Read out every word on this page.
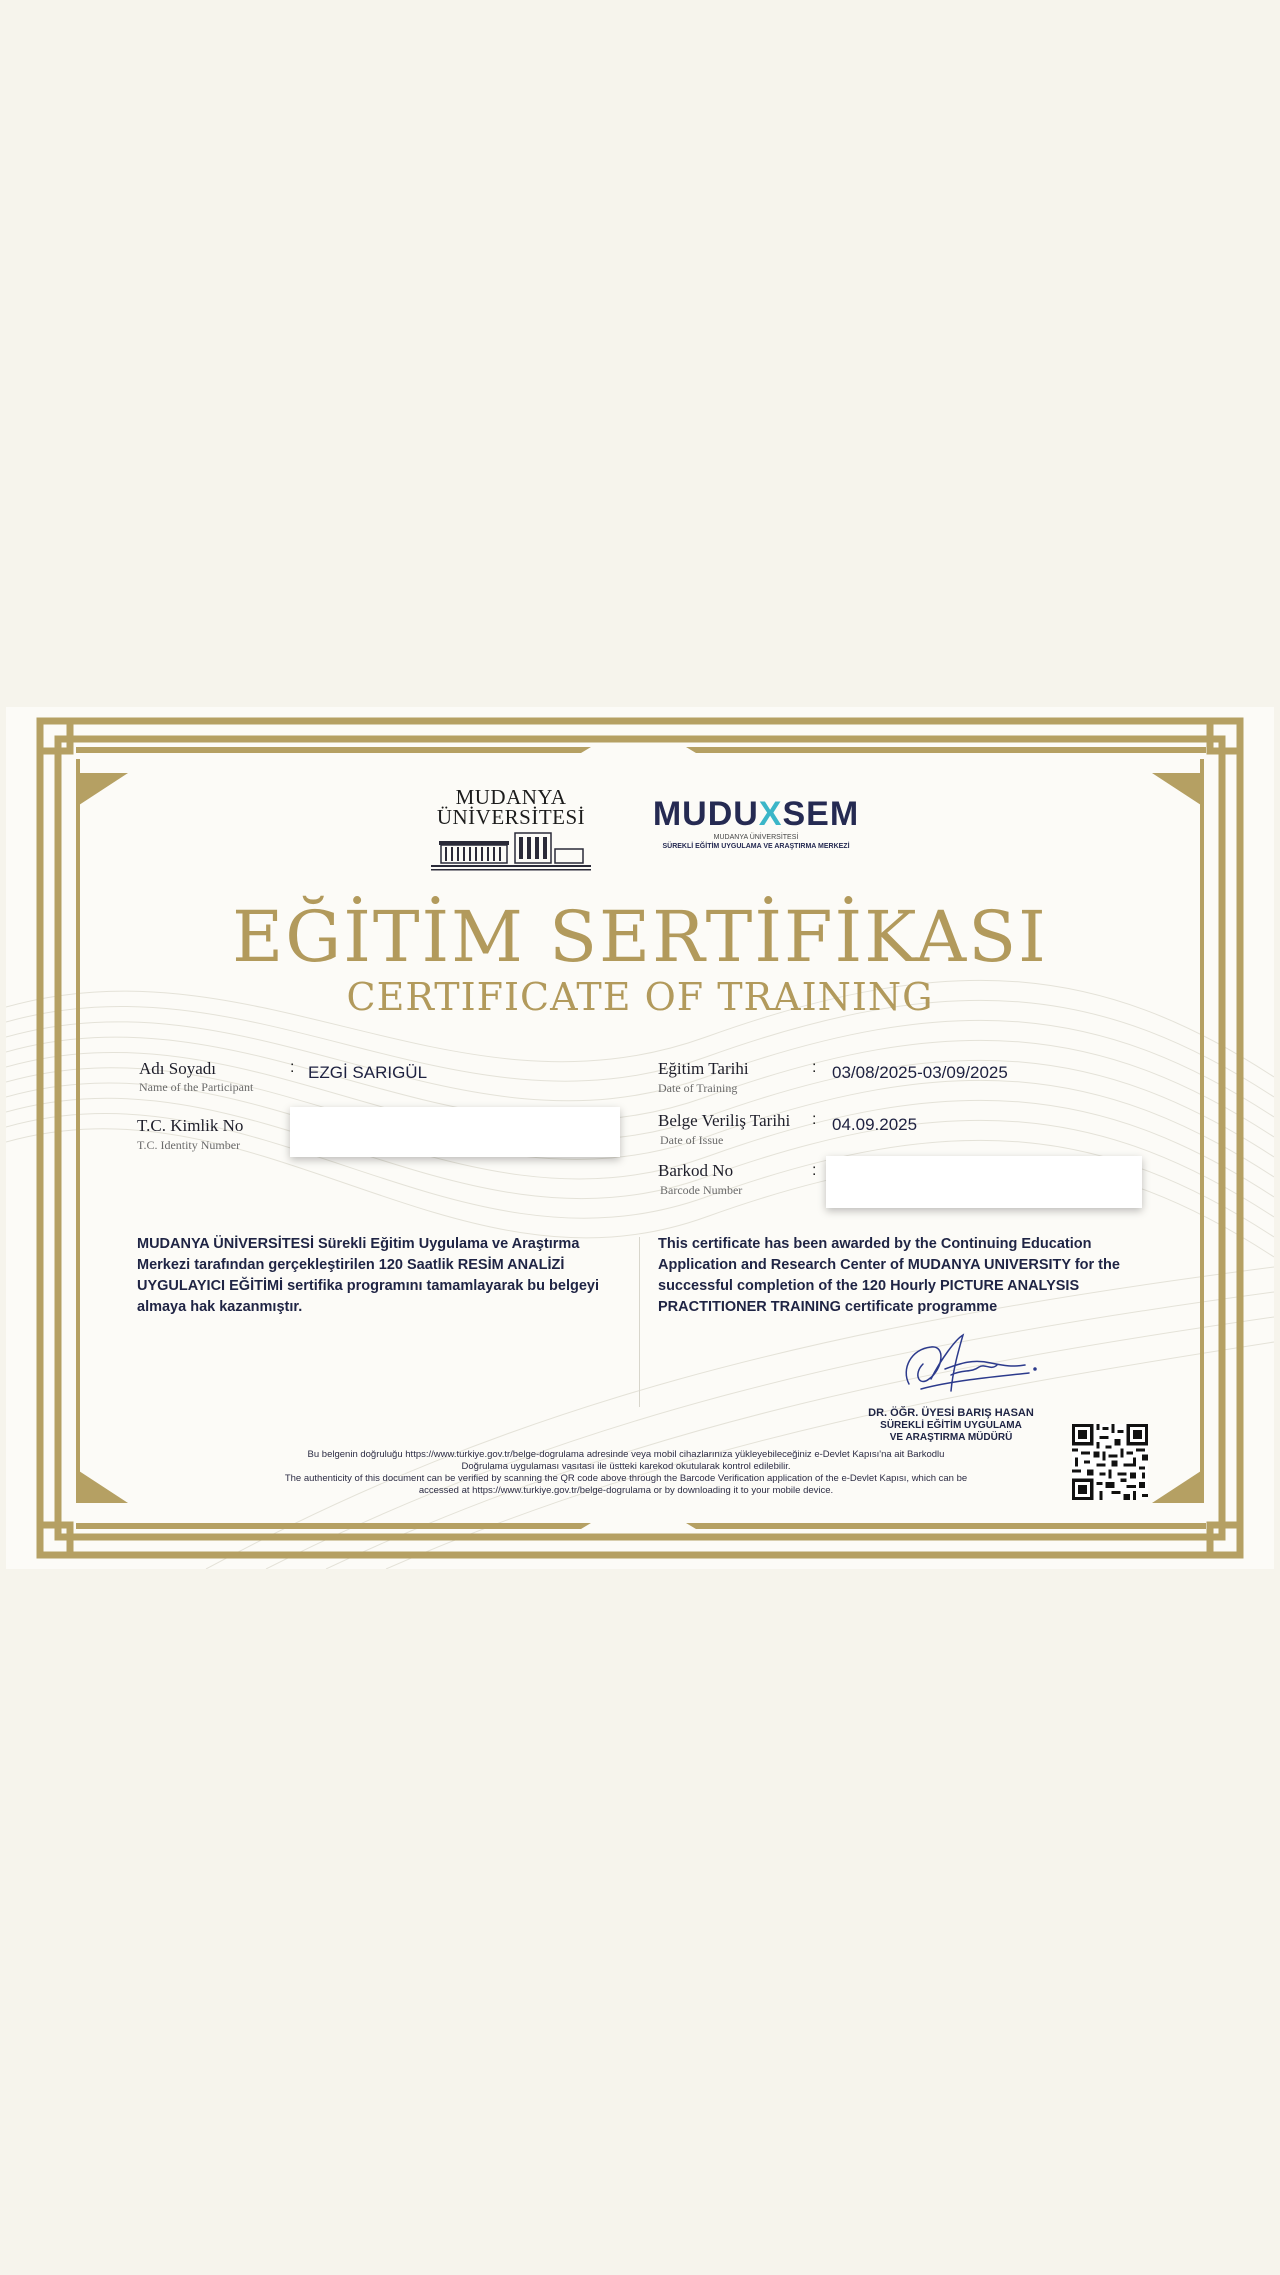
MUDANYA
ÜNİVERSİTESİ	MUDUXSEM
MUDANYA ÜNİVERSİTESİ
SÜREKLİ EĞİTİM UYGULAMA VE ARAŞTIRMA MERKEZİ
EĞİTİM SERTİFİKASI
CERTIFICATE OF TRAINING
Adı Soyadı
Name of the Participant
: EZGİ SARIGÜL
T.C. Kimlik No
T.C. Identity Number
Eğitim Tarihi
Date of Training
: 03/08/2025-03/09/2025
Belge Veriliş Tarihi
Date of Issue
: 04.09.2025
Barkod No
Barcode Number
:
MUDANYA ÜNİVERSİTESİ Sürekli Eğitim Uygulama ve Araştırma Merkezi tarafından gerçekleştirilen 120 Saatlik RESİM ANALİZİ UYGULAYICI EĞİTİMİ sertifika programını tamamlayarak bu belgeyi almaya hak kazanmıştır.
This certificate has been awarded by the Continuing Education Application and Research Center of MUDANYA UNIVERSITY for the successful completion of the 120 Hourly PICTURE ANALYSIS PRACTITIONER TRAINING certificate programme
DR. ÖĞR. ÜYESİ BARIŞ HASAN
SÜREKLİ EĞİTİM UYGULAMA
VE ARAŞTIRMA MÜDÜRÜ
Bu belgenin doğruluğu https://www.turkiye.gov.tr/belge-dogrulama adresinde veya mobil cihazlarınıza yükleyebileceğiniz e-Devlet Kapısı'na ait Barkodlu
Doğrulama uygulaması vasıtası ile üstteki karekod okutularak kontrol edilebilir.
The authenticity of this document can be verified by scanning the QR code above through the Barcode Verification application of the e-Devlet Kapısı, which can be
accessed at https://www.turkiye.gov.tr/belge-dogrulama or by downloading it to your mobile device.
